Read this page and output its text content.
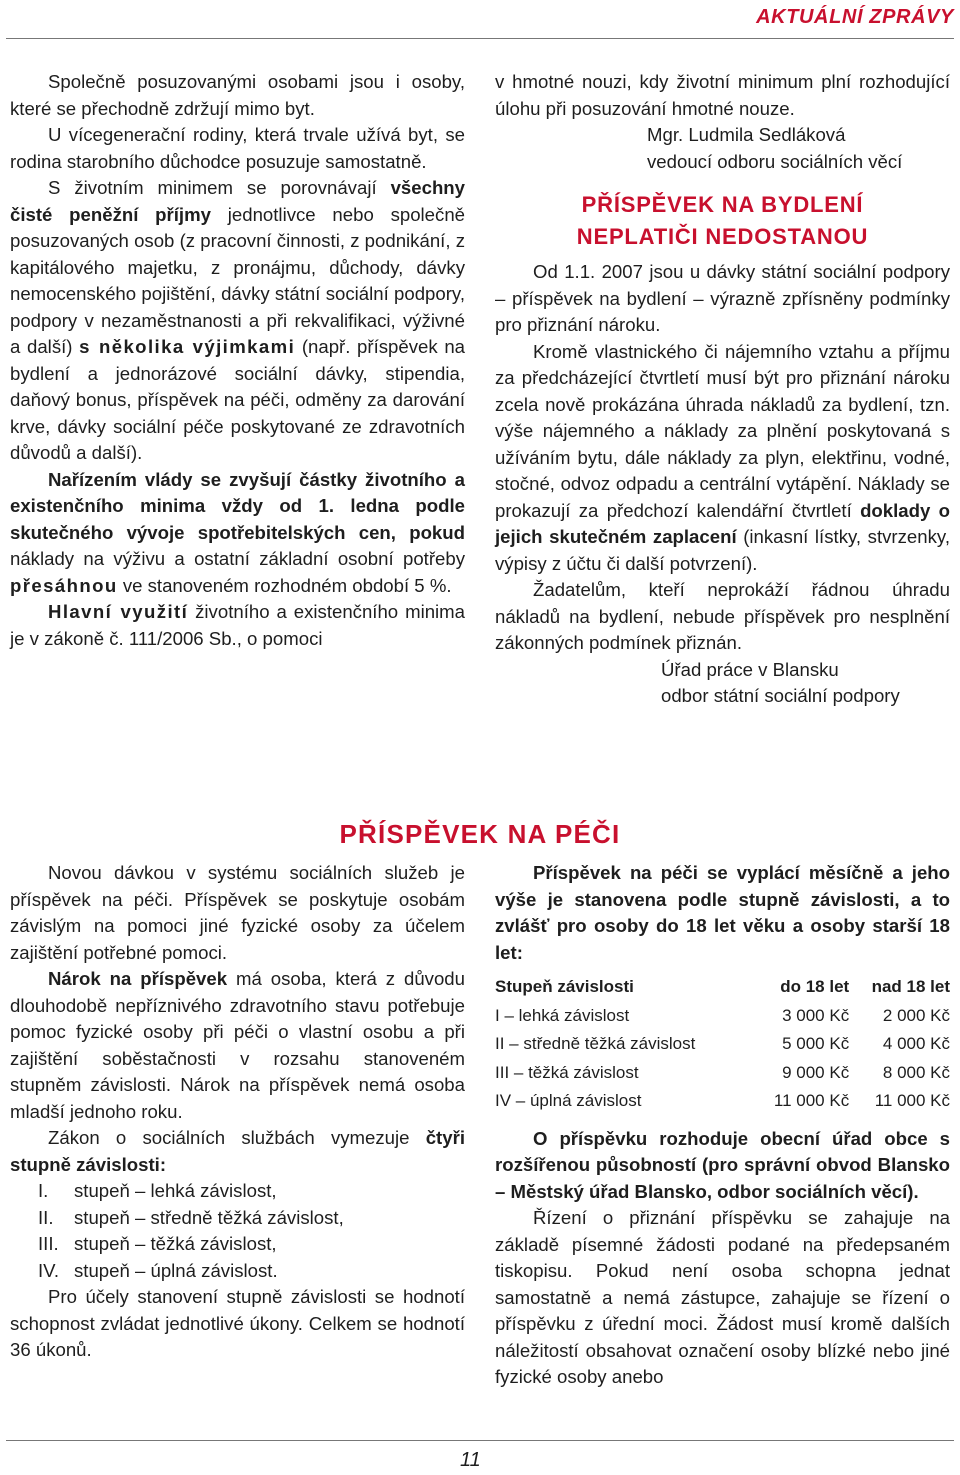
AKTUÁLNÍ ZPRÁVY

Společně posuzovanými osobami jsou i osoby, které se přechodně zdržují mimo byt.

U vícegenerační rodiny, která trvale užívá byt, se rodina starobního důchodce posuzuje samostatně.

S životním minimem se porovnávají všechny čisté peněžní příjmy jednotlivce nebo společně posuzovaných osob (z pracovní činnosti, z podnikání, z kapitálového majetku, z pronájmu, důchody, dávky nemocenského pojištění, dávky státní sociální podpory, podpory v nezaměstnanosti a při rekvalifikaci, výživné a další) s několika výjimkami (např. příspěvek na bydlení a jednorázové sociální dávky, stipendia, daňový bonus, příspěvek na péči, odměny za darování krve, dávky sociální péče poskytované ze zdravotních důvodů a další).

Nařízením vlády se zvyšují částky životního a existenčního minima vždy od 1. ledna podle skutečného vývoje spotřebitelských cen, pokud náklady na výživu a ostatní základní osobní potřeby přesáhnou ve stanoveném rozhodném období 5 %.

Hlavní využití životního a existenčního minima je v zákoně č. 111/2006 Sb., o pomoci

v hmotné nouzi, kdy životní minimum plní rozhodující úlohu při posuzování hmotné nouze.

Mgr. Ludmila Sedláková

vedoucí odboru sociálních věcí

PŘÍSPĚVEK NA BYDLENÍ
NEPLATIČI NEDOSTANOU

Od 1.1. 2007 jsou u dávky státní sociální podpory – příspěvek na bydlení – výrazně zpřísněny podmínky pro přiznání nároku.

Kromě vlastnického či nájemního vztahu a příjmu za předcházející čtvrtletí musí být pro přiznání nároku zcela nově prokázána úhrada nákladů za bydlení, tzn. výše nájemného a náklady za plnění poskytovaná s užíváním bytu, dále náklady za plyn, elektřinu, vodné, stočné, odvoz odpadu a centrální vytápění. Náklady se prokazují za předchozí kalendářní čtvrtletí doklady o jejich skutečném zaplacení (inkasní lístky, stvrzenky, výpisy z účtu či další potvrzení).

Žadatelům, kteří neprokáží řádnou úhradu nákladů na bydlení, nebude příspěvek pro nesplnění zákonných podmínek přiznán.

Úřad práce v Blansku

odbor státní sociální podpory

PŘÍSPĚVEK NA PÉČI

Novou dávkou v systému sociálních služeb je příspěvek na péči. Příspěvek se poskytuje osobám závislým na pomoci jiné fyzické osoby za účelem zajištění potřebné pomoci.

Nárok na příspěvek má osoba, která z důvodu dlouhodobě nepříznivého zdravotního stavu potřebuje pomoc fyzické osoby při péči o vlastní osobu a při zajištění soběstačnosti v rozsahu stanoveném stupněm závislosti. Nárok na příspěvek nemá osoba mladší jednoho roku.

Zákon o sociálních službách vymezuje čtyři stupně závislosti:

I.	stupeň – lehká závislost,
II.	stupeň – středně těžká závislost,
III. stupeň – těžká závislost,
IV. stupeň – úplná závislost.

Pro účely stanovení stupně závislosti se hodnotí schopnost zvládat jednotlivé úkony. Celkem se hodnotí 36 úkonů.

Příspěvek na péči se vyplácí měsíčně a jeho výše je stanovena podle stupně závislosti, a to zvlášť pro osoby do 18 let věku a osoby starší 18 let:

Stupeň závislosti	do 18 let	nad 18 let
I – lehká závislost	3 000 Kč	2 000 Kč
II – středně těžká závislost	5 000 Kč	4 000 Kč
III – těžká závislost	9 000 Kč	8 000 Kč
IV – úplná závislost	11 000 Kč	11 000 Kč

O příspěvku rozhoduje obecní úřad obce s rozšířenou působností (pro správní obvod Blansko – Městský úřad Blansko, odbor sociálních věcí).

Řízení o přiznání příspěvku se zahajuje na základě písemné žádosti podané na předepsaném tiskopisu. Pokud není osoba schopna jednat samostatně a nemá zástupce, zahajuje se řízení o příspěvku z úřední moci. Žádost musí kromě dalších náležitostí obsahovat označení osoby blízké nebo jiné fyzické osoby anebo

11
